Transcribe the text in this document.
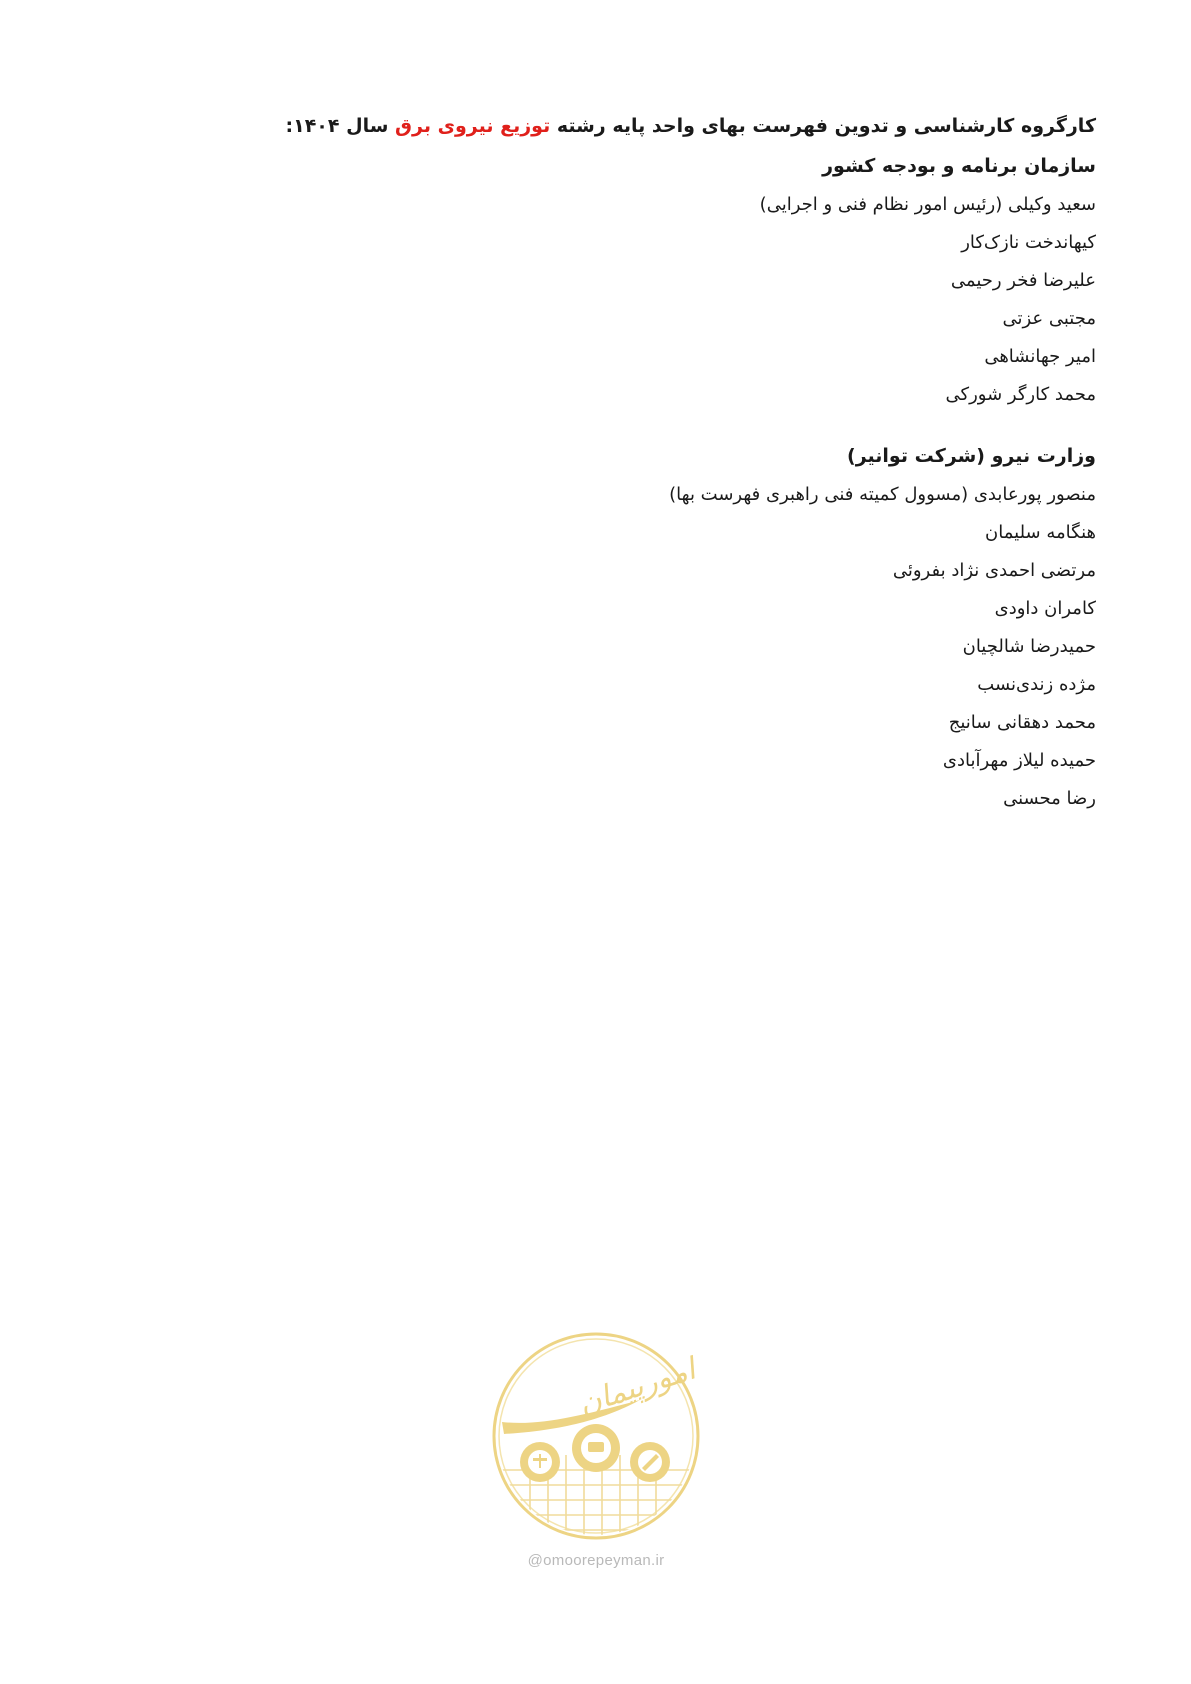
کارگروه کارشناسی و تدوین فهرست بهای واحد پایه رشته توزیع نیروی برق سال ۱۴۰۴:
سازمان برنامه و بودجه کشور
سعید وکیلی (رئیس امور نظام فنی و اجرایی)
کیهاندخت نازک‌کار
علیرضا فخر رحیمی
مجتبی عزتی
امیر جهانشاهی
محمد کارگر شورکی
وزارت نیرو (شرکت توانیر)
منصور پورعابدی (مسوول کمیته فنی راهبری فهرست بها)
هنگامه سلیمان
مرتضی احمدی نژاد بفروئی
کامران داودی
حمیدرضا شالچیان
مژده زندی‌نسب
محمد دهقانی سانیج
حمیده لیلاز مهرآبادی
رضا محسنی
امورپیمان
@omoorepeyman.ir
